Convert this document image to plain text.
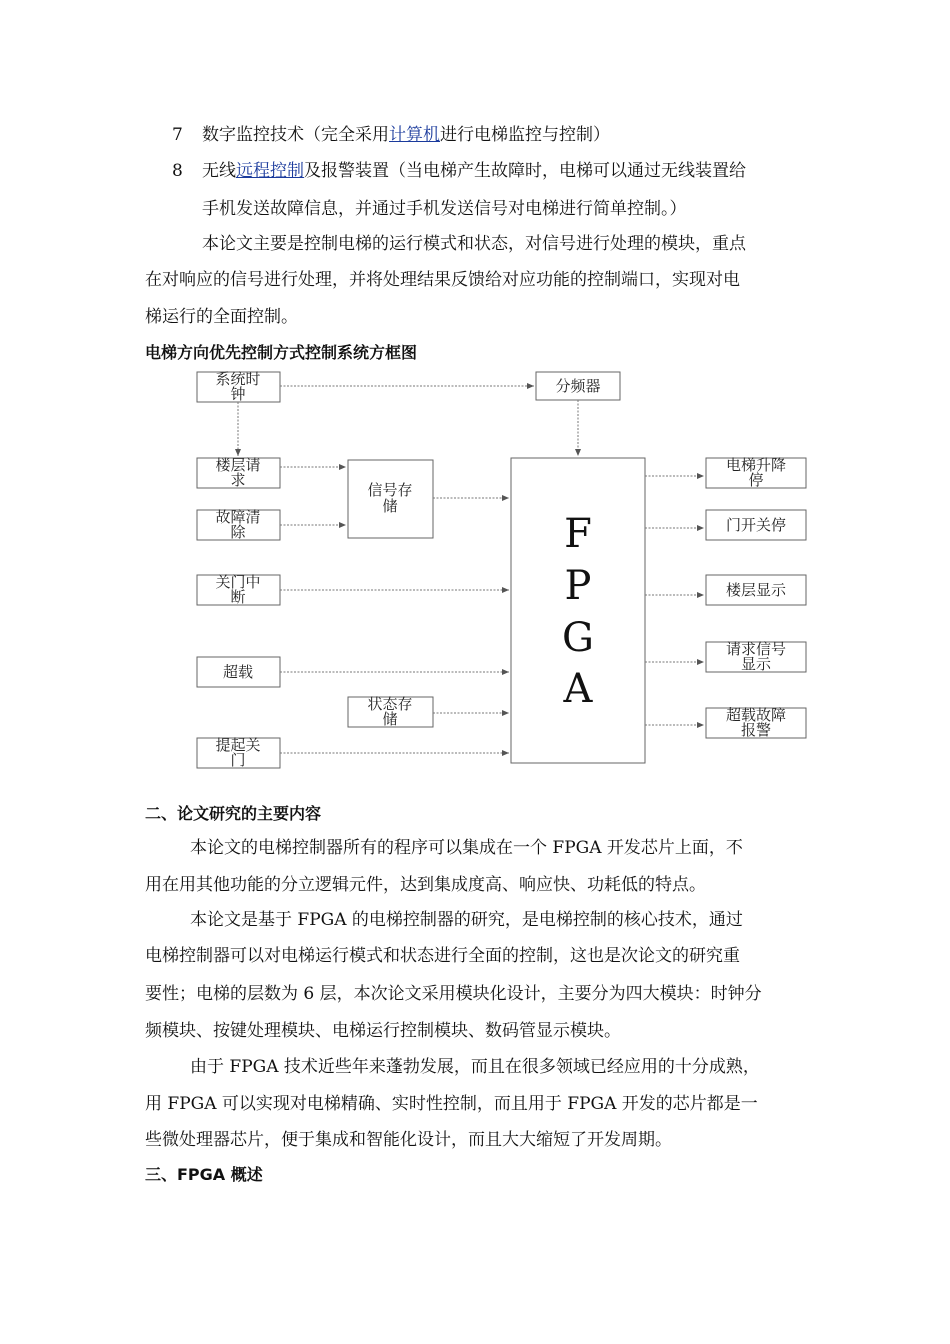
7 数字监控技术（完全采用计算机进行电梯监控与控制）
8 无线远程控制及报警装置（当电梯产生故障时，电梯可以通过无线装置给
手机发送故障信息，并通过手机发送信号对电梯进行简单控制。）
本论文主要是控制电梯的运行模式和状态，对信号进行处理的模块，重点
在对响应的信号进行处理，并将处理结果反馈给对应功能的控制端口，实现对电
梯运行的全面控制。
电梯方向优先控制方式控制系统方框图
系统时
钟	分频器
楼层请
求
故障清
除
关门中
断
超载
提起关
门
信号存
储
状态存
储
电梯升降
停
门开关停
楼层显示
请求信号
显示
超载故障
报警
F
P
G
A
二、论文研究的主要内容
本论文的电梯控制器所有的程序可以集成在一个 FPGA 开发芯片上面，不
用在用其他功能的分立逻辑元件，达到集成度高、响应快、功耗低的特点。
本论文是基于 FPGA 的电梯控制器的研究，是电梯控制的核心技术，通过
电梯控制器可以对电梯运行模式和状态进行全面的控制，这也是次论文的研究重
要性；电梯的层数为 6 层，本次论文采用模块化设计，主要分为四大模块：时钟分
频模块、按键处理模块、电梯运行控制模块、数码管显示模块。
由于 FPGA 技术近些年来蓬勃发展，而且在很多领域已经应用的十分成熟，
用 FPGA 可以实现对电梯精确、实时性控制，而且用于 FPGA 开发的芯片都是一
些微处理器芯片，便于集成和智能化设计，而且大大缩短了开发周期。
三、FPGA 概述
